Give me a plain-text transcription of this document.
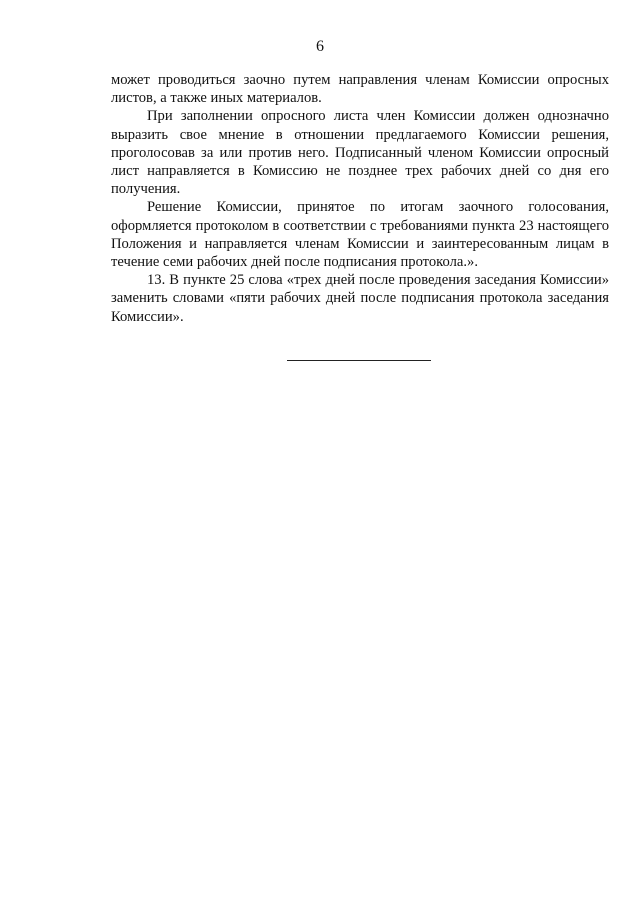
6

может проводиться заочно путем направления членам Комиссии опросных листов, а также иных материалов.

При заполнении опросного листа член Комиссии должен однозначно выразить свое мнение в отношении предлагаемого Комиссии решения, проголосовав за или против него. Подписанный членом Комиссии опросный лист направляется в Комиссию не позднее трех рабочих дней со дня его получения.

Решение Комиссии, принятое по итогам заочного голосования, оформляется протоколом в соответствии с требованиями пункта 23 настоящего Положения и направляется членам Комиссии и заинтересованным лицам в течение семи рабочих дней после подписания протокола.».

13. В пункте 25 слова «трех дней после проведения заседания Комиссии» заменить словами «пяти рабочих дней после подписания протокола заседания Комиссии».
